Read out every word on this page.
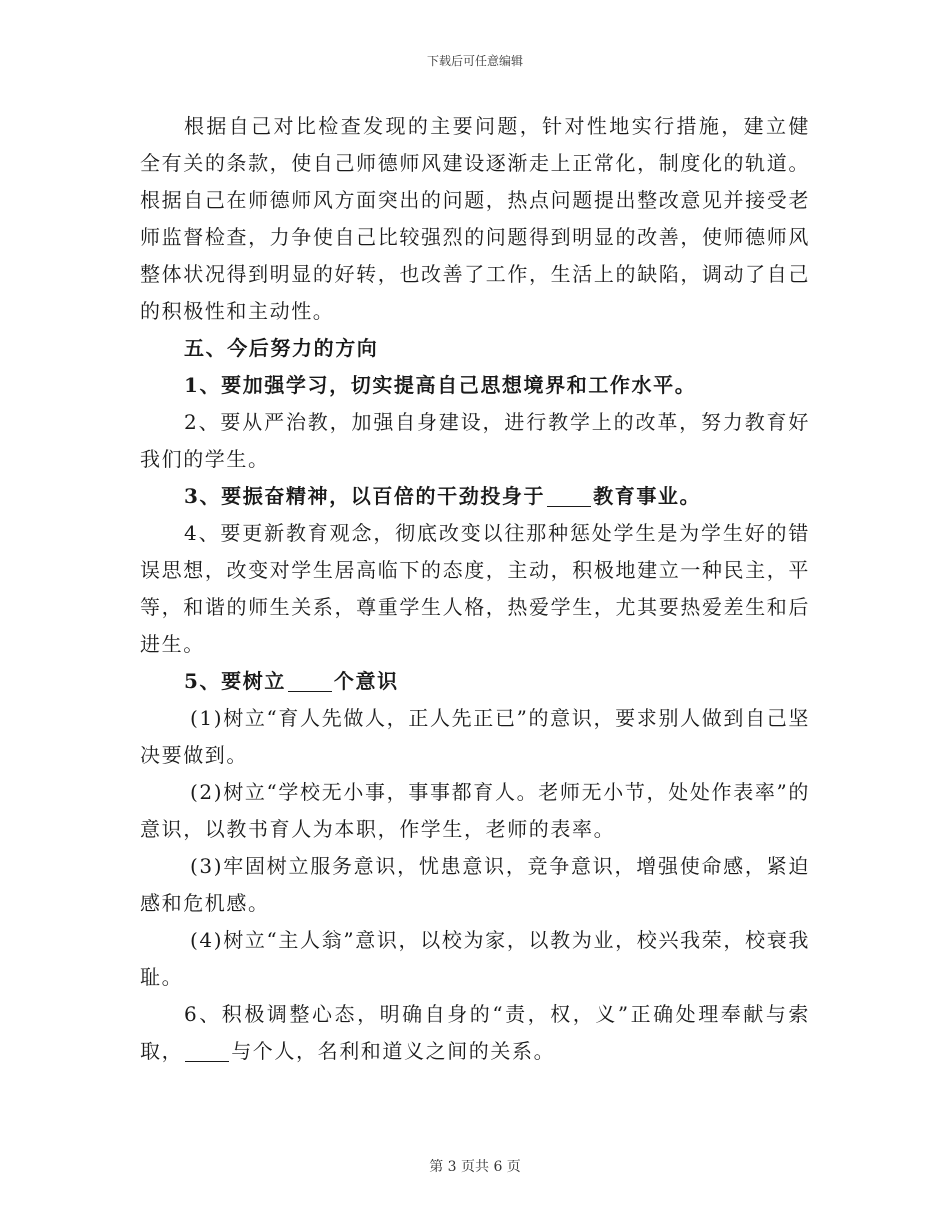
下载后可任意编辑

根据自己对比检查发现的主要问题，针对性地实行措施，建立健全有关的条款，使自己师德师风建设逐渐走上正常化，制度化的轨道。根据自己在师德师风方面突出的问题，热点问题提出整改意见并接受老师监督检查，力争使自己比较强烈的问题得到明显的改善，使师德师风整体状况得到明显的好转，也改善了工作，生活上的缺陷，调动了自己的积极性和主动性。

五、今后努力的方向

1、要加强学习，切实提高自己思想境界和工作水平。

2、要从严治教，加强自身建设，进行教学上的改革，努力教育好我们的学生。

3、要振奋精神，以百倍的干劲投身于 教育事业。

4、要更新教育观念，彻底改变以往那种惩处学生是为学生好的错误思想，改变对学生居高临下的态度，主动，积极地建立一种民主，平等，和谐的师生关系，尊重学生人格，热爱学生，尤其要热爱差生和后进生。

5、要树立 个意识

(1)树立“育人先做人，正人先正已”的意识，要求别人做到自己坚决要做到。

(2)树立“学校无小事，事事都育人。老师无小节，处处作表率”的意识，以教书育人为本职，作学生，老师的表率。

(3)牢固树立服务意识，忧患意识，竞争意识，增强使命感，紧迫感和危机感。

(4)树立“主人翁”意识，以校为家，以教为业，校兴我荣，校衰我耻。

6、积极调整心态，明确自身的“责，权，义”正确处理奉献与索取， 与个人，名利和道义之间的关系。

第 3 页共 6 页
